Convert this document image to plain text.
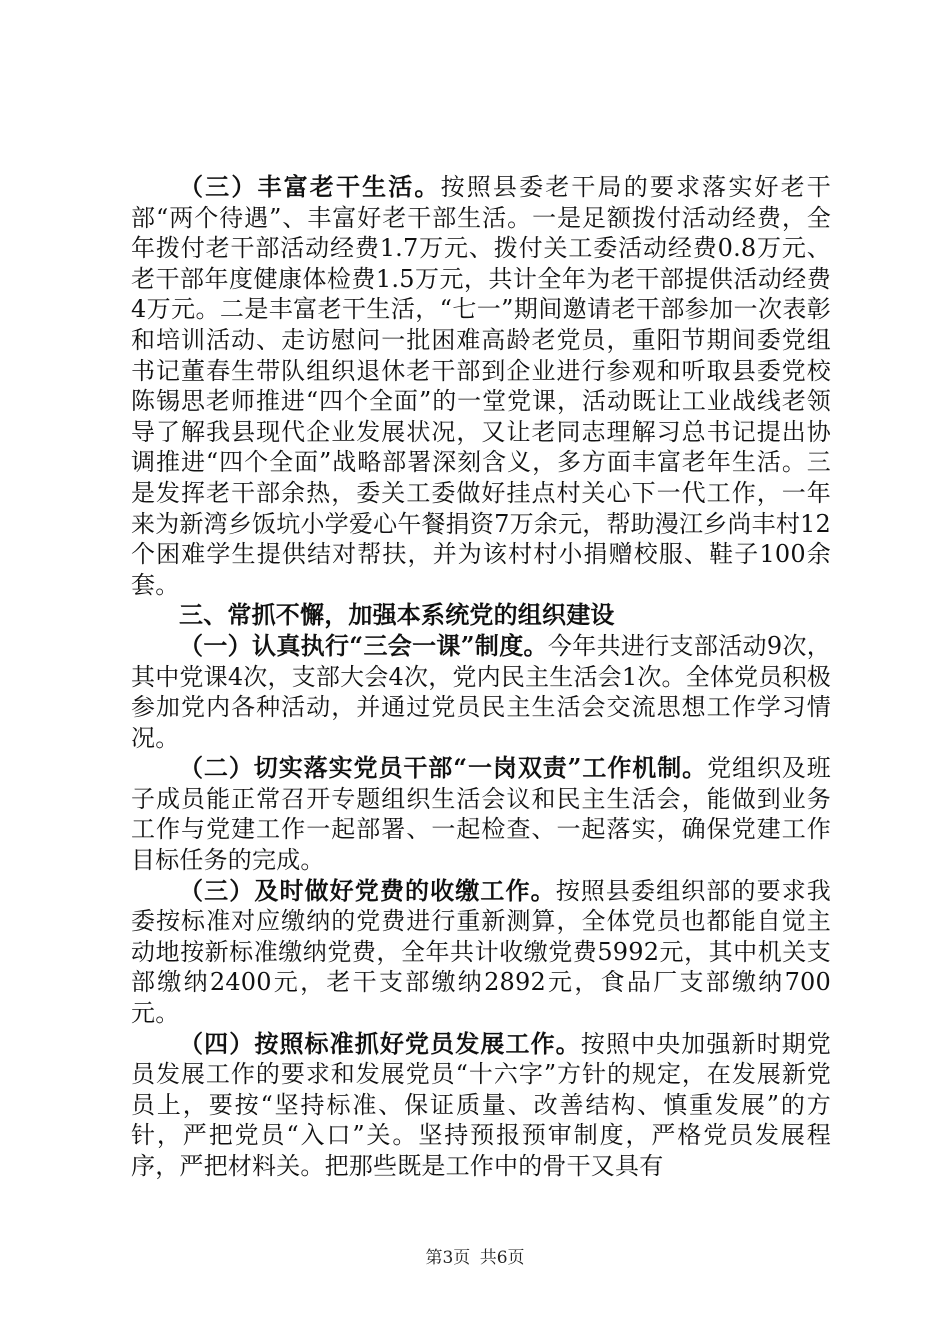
（三）丰富老干生活。按照县委老干局的要求落实好老干部“两个待遇”、丰富好老干部生活。一是足额拨付活动经费，全年拨付老干部活动经费1.7万元、拨付关工委活动经费0.8万元、老干部年度健康体检费1.5万元，共计全年为老干部提供活动经费4万元。二是丰富老干生活，“七一”期间邀请老干部参加一次表彰和培训活动、走访慰问一批困难高龄老党员，重阳节期间委党组书记董春生带队组织退休老干部到企业进行参观和听取县委党校陈锡思老师推进“四个全面”的一堂党课，活动既让工业战线老领导了解我县现代企业发展状况，又让老同志理解习总书记提出协调推进“四个全面”战略部署深刻含义，多方面丰富老年生活。三是发挥老干部余热，委关工委做好挂点村关心下一代工作，一年来为新湾乡饭坑小学爱心午餐捐资7万余元，帮助漫江乡尚丰村12个困难学生提供结对帮扶，并为该村村小捐赠校服、鞋子100余套。

三、常抓不懈，加强本系统党的组织建设

（一）认真执行“三会一课”制度。今年共进行支部活动9次，其中党课4次，支部大会4次，党内民主生活会1次。全体党员积极参加党内各种活动，并通过党员民主生活会交流思想工作学习情况。

（二）切实落实党员干部“一岗双责”工作机制。党组织及班子成员能正常召开专题组织生活会议和民主生活会，能做到业务工作与党建工作一起部署、一起检查、一起落实，确保党建工作目标任务的完成。

（三）及时做好党费的收缴工作。按照县委组织部的要求我委按标准对应缴纳的党费进行重新测算，全体党员也都能自觉主动地按新标准缴纳党费，全年共计收缴党费5992元，其中机关支部缴纳2400元，老干支部缴纳2892元，食品厂支部缴纳700元。

（四）按照标准抓好党员发展工作。按照中央加强新时期党员发展工作的要求和发展党员“十六字”方针的规定，在发展新党员上，要按“坚持标准、保证质量、改善结构、慎重发展”的方针，严把党员“入口”关。坚持预报预审制度，严格党员发展程序，严把材料关。把那些既是工作中的骨干又具有

第3页 共6页
